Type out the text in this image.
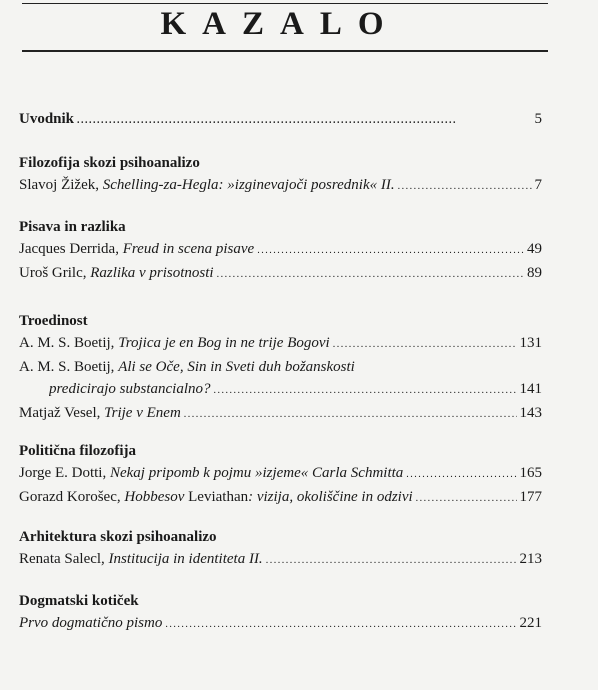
KAZALO
Uvodnik . . .	5
Filozofija skozi psihoanalizo
Slavoj Žižek, Schelling-za-Hegla: »izginevajoči posrednik« II. . . .	7
Pisava in razlika
Jacques Derrida, Freud in scena pisave . . .	49
Uroš Grilc, Razlika v prisotnosti . . .	89
Troedinost
A. M. S. Boetij, Trojica je en Bog in ne trije Bogovi . . .	131
A. M. S. Boetij, Ali se Oče, Sin in Sveti duh božanskosti
predicirajo substancialno? . . .	141
Matjaž Vesel, Trije v Enem . . .	143
Politična filozofija
Jorge E. Dotti, Nekaj pripomb k pojmu »izjeme« Carla Schmitta . . .	165
Gorazd Korošec, Hobbesov Leviathan: vizija, okoliščine in odzivi . . .	177
Arhitektura skozi psihoanalizo
Renata Salecl, Institucija in identiteta II. . . .	213
Dogmatski kotiček
Prvo dogmatično pismo . . .	221
